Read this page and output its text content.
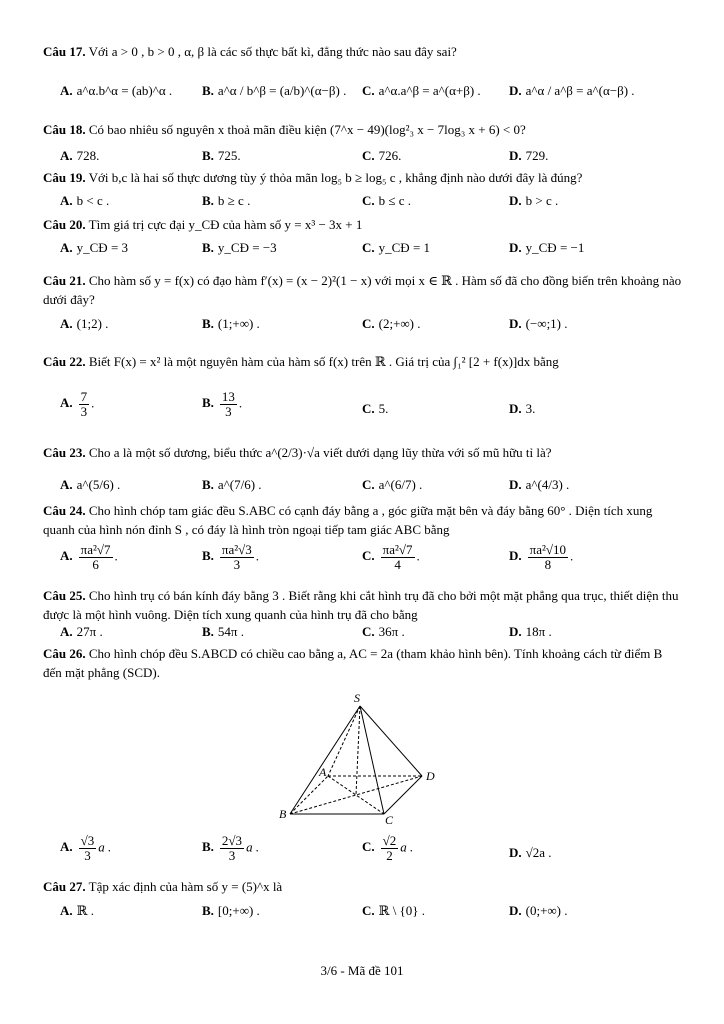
Câu 17. Với a > 0 , b > 0 , α, β là các số thực bất kì, đẳng thức nào sau đây sai?
A. a^α.b^α = (ab)^α . B. a^α / b^β = (a/b)^(α−β) . C. a^α.a^β = a^(α+β) . D. a^α / a^β = a^(α−β) .
Câu 18. Có bao nhiêu số nguyên x thoả mãn điều kiện (7^x − 49)(log²₃ x − 7log₃ x + 6) < 0?
A. 728.	B. 725.	C. 726.	D. 729.
Câu 19. Với b,c là hai số thực dương tùy ý thỏa mãn log₅ b ≥ log₅ c , khẳng định nào dưới đây là đúng?
A. b < c .	B. b ≥ c .	C. b ≤ c .	D. b > c .
Câu 20. Tìm giá trị cực đại y_CĐ của hàm số y = x³ − 3x + 1
A. y_CĐ = 3	B. y_CĐ = −3	C. y_CĐ = 1	D. y_CĐ = −1
Câu 21. Cho hàm số y = f(x) có đạo hàm f′(x) = (x − 2)²(1 − x) với mọi x ∈ ℝ . Hàm số đã cho đồng biến trên khoảng nào dưới đây?
A. (1;2) .	B. (1;+∞) .	C. (2;+∞) .	D. (−∞;1) .
Câu 22. Biết F(x) = x² là một nguyên hàm của hàm số f(x) trên ℝ . Giá trị của ∫₁² [2 + f(x)]dx bằng
A. $\frac{7}{3}$ .	B. $\frac{13}{3}$ .	C. 5.	D. 3.
Câu 23. Cho a là một số dương, biểu thức a^(2/3)·√a viết dưới dạng lũy thừa với số mũ hữu tỉ là?
A. a^(5/6) .	B. a^(7/6) .	C. a^(6/7) .	D. a^(4/3) .
Câu 24. Cho hình chóp tam giác đều S.ABC có cạnh đáy bằng a , góc giữa mặt bên và đáy bằng 60° . Diện tích xung quanh của hình nón đỉnh S , có đáy là hình tròn ngoại tiếp tam giác ABC bằng
A. $\frac{\text{πa²√7}}{6}$ .	B. $\frac{\text{πa²√3}}{3}$ .	C. $\frac{\text{πa²√7}}{4}$ .	D. $\frac{\text{πa²√10}}{8}$ .
Câu 25. Cho hình trụ có bán kính đáy bằng 3 . Biết rằng khi cắt hình trụ đã cho bởi một mặt phẳng qua trục, thiết diện thu được là một hình vuông. Diện tích xung quanh của hình trụ đã cho bằng
A. 27π .	B. 54π .	C. 36π .	D. 18π .
Câu 26. Cho hình chóp đều S.ABCD có chiều cao bằng a, AC = 2a (tham khảo hình bên). Tính khoảng cách từ điểm B đến mặt phẳng (SCD).
S
A	D
B	C
A. $\frac{√3}{3}$ a .	B. $\frac{2√3}{3}$ a .	C. $\frac{√2}{2}$ a .	D. √2a .
Câu 27. Tập xác định của hàm số y = (5)^x là
A. ℝ .	B. [0;+∞) .	C. ℝ \ {0} .	D. (0;+∞) .
3/6 - Mã đề 101
